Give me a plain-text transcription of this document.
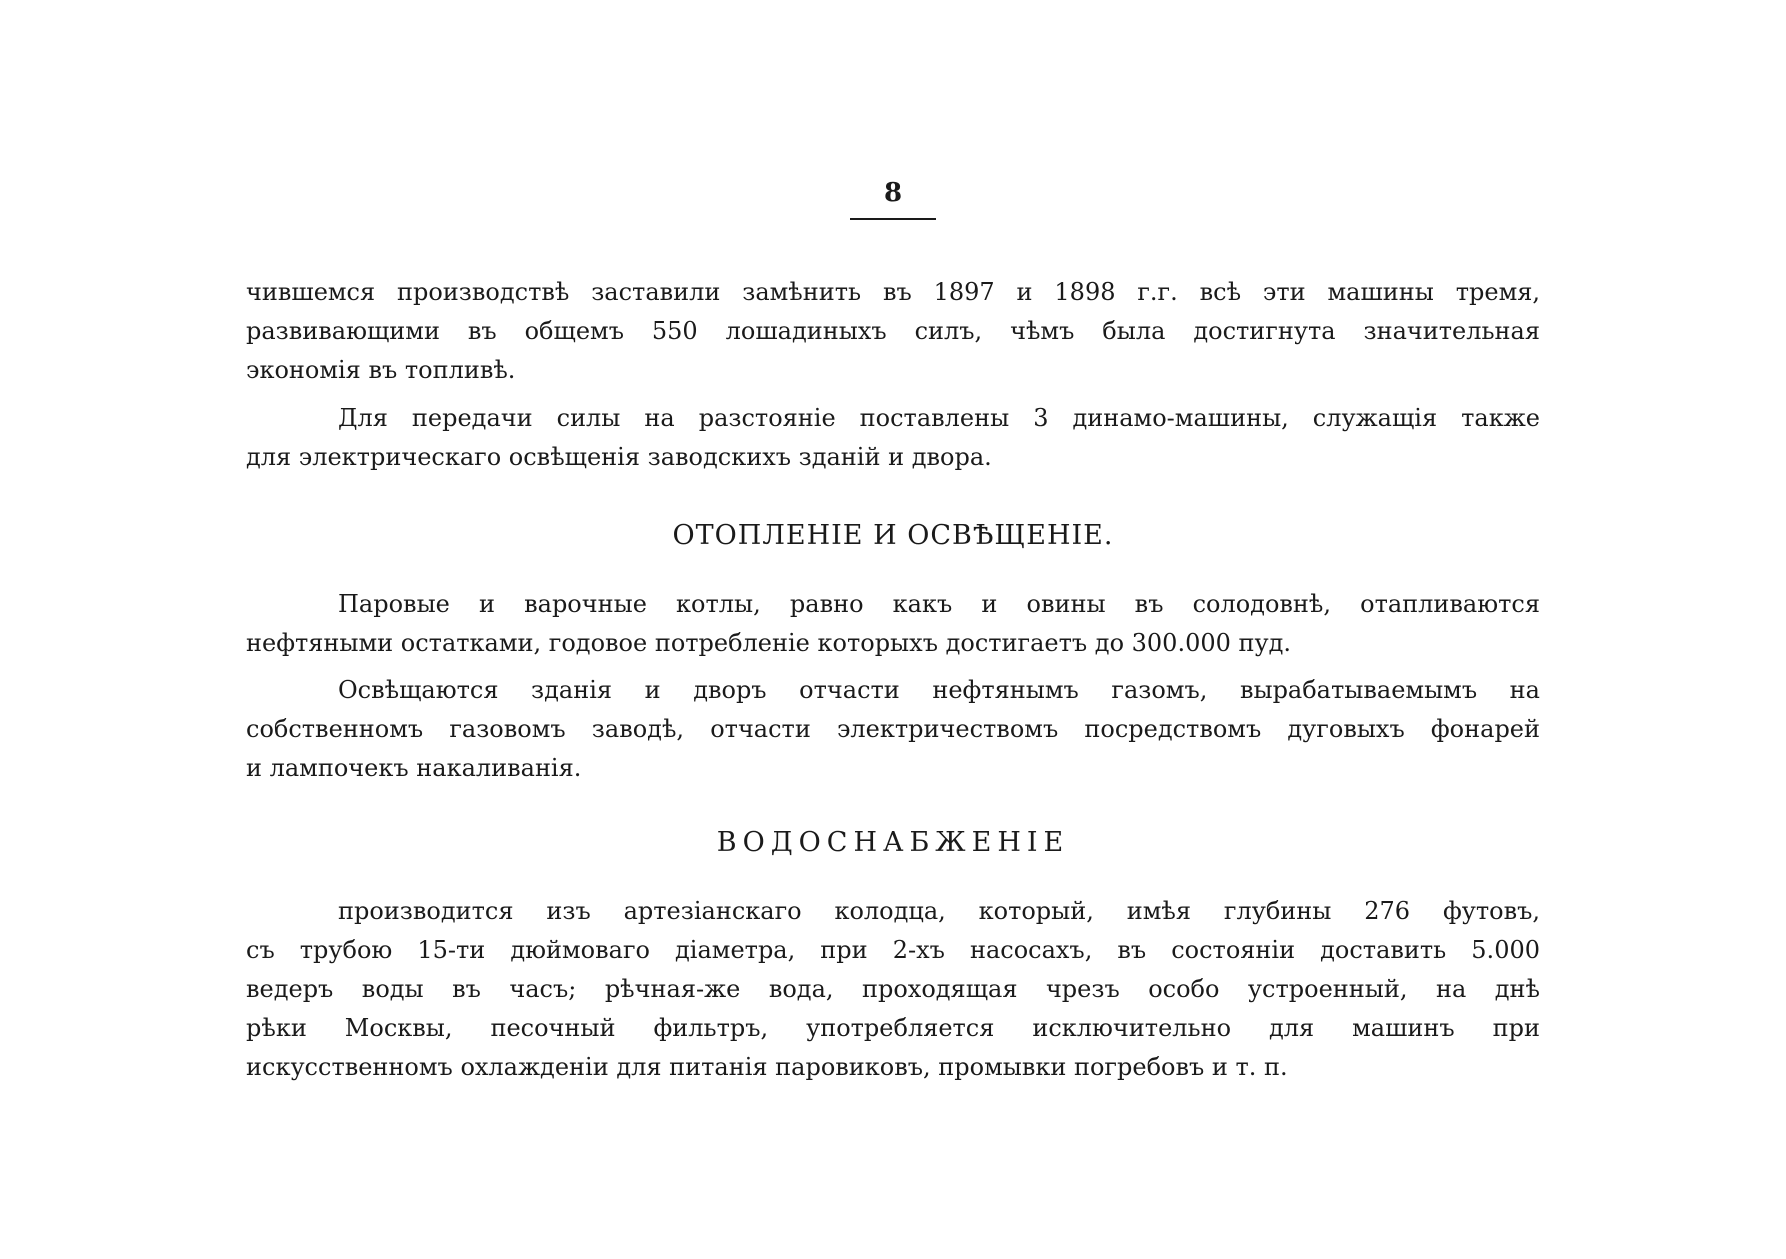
8
чившемся производствѣ заставили замѣнить въ 1897 и 1898 г.г. всѣ эти машины тремя,
развивающими въ общемъ 550 лошадиныхъ силъ, чѣмъ была достигнута значительная
экономія въ топливѣ.
Для передачи силы на разстояніе поставлены 3 динамо-машины, служащія также
для электрическаго освѣщенія заводскихъ зданій и двора.
ОТОПЛЕНІЕ И ОСВѢЩЕНІЕ.
Паровые и варочные котлы, равно какъ и овины въ солодовнѣ, отапливаются
нефтяными остатками, годовое потребленіе которыхъ достигаетъ до 300.000 пуд.
Освѣщаются зданія и дворъ отчасти нефтянымъ газомъ, вырабатываемымъ на
собственномъ газовомъ заводѣ, отчасти электричествомъ посредствомъ дуговыхъ фонарей
и лампочекъ накаливанія.
ВОДОСНАБЖЕНІЕ
производится изъ артезіанскаго колодца, который, имѣя глубины 276 футовъ,
съ трубою 15-ти дюймоваго діаметра, при 2-хъ насосахъ, въ состояніи доставить 5.000
ведеръ воды въ часъ; рѣчная-же вода, проходящая чрезъ особо устроенный, на днѣ
рѣки Москвы, песочный фильтръ, употребляется исключительно для машинъ при
искусственномъ охлажденіи для питанія паровиковъ, промывки погребовъ и т. п.
